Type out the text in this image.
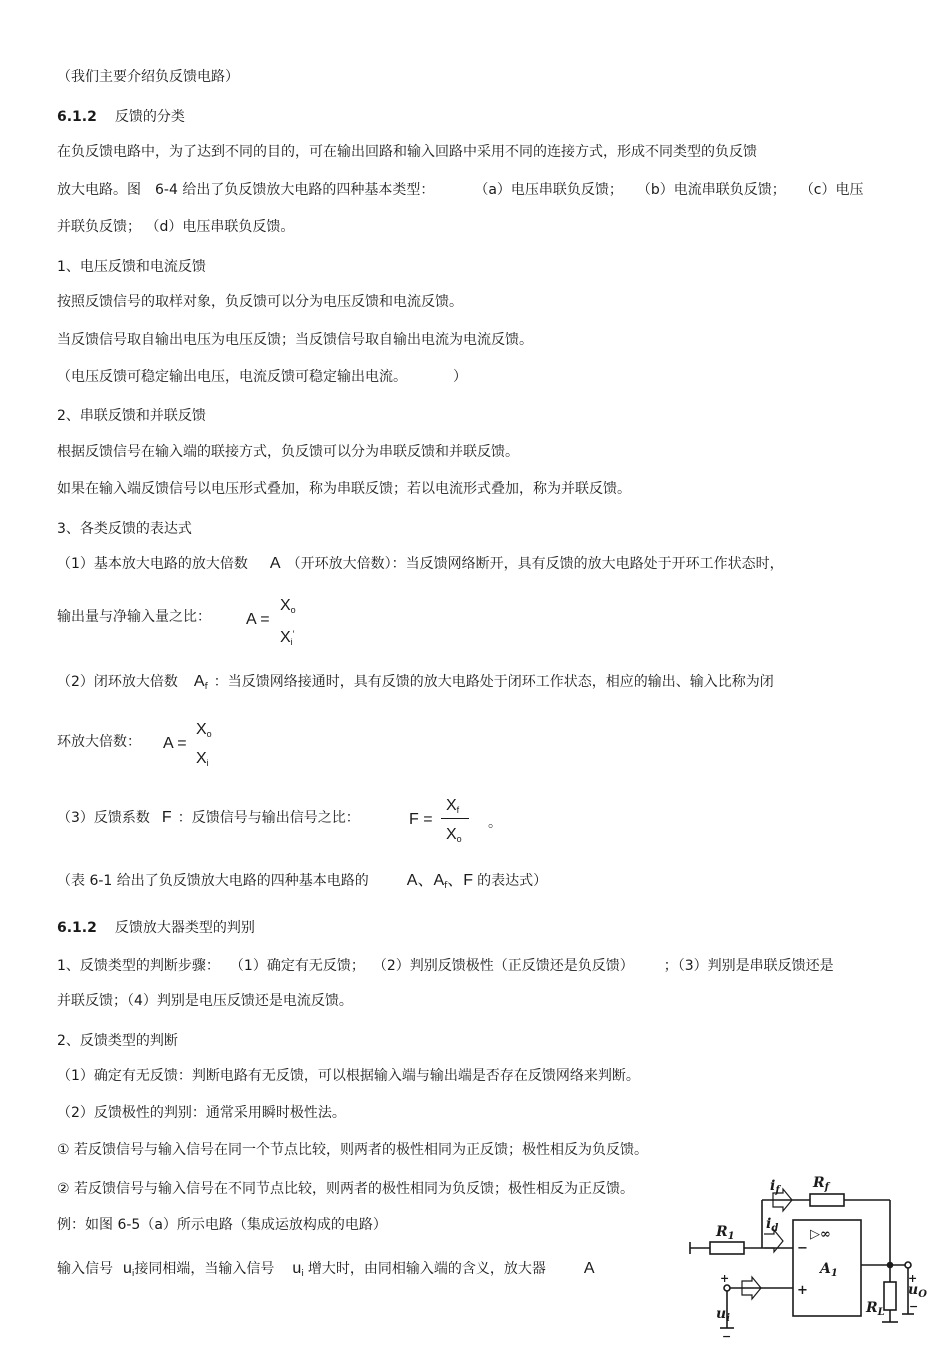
（我们主要介绍负反馈电路）
6.1.2 反馈的分类
在负反馈电路中，为了达到不同的目的，可在输出回路和输入回路中采用不同的连接方式，形成不同类型的负反馈
放大电路。图 6-4 给出了负反馈放大电路的四种基本类型：	（a）电压串联负反馈； （b）电流串联负反馈； （c）电压
并联负反馈； （d）电压串联负反馈。
1、电压反馈和电流反馈
按照反馈信号的取样对象，负反馈可以分为电压反馈和电流反馈。
当反馈信号取自输出电压为电压反馈；当反馈信号取自输出电流为电流反馈。
（电压反馈可稳定输出电压，电流反馈可稳定输出电流。	）
2、串联反馈和并联反馈
根据反馈信号在输入端的联接方式，负反馈可以分为串联反馈和并联反馈。
如果在输入端反馈信号以电压形式叠加，称为串联反馈；若以电流形式叠加，称为并联反馈。
3、各类反馈的表达式
（1）基本放大电路的放大倍数 A （开环放大倍数）：当反馈网络断开，具有反馈的放大电路处于开环工作状态时，
输出量与净输入量之比： A =
$X_o$
$X_i'$
（2）闭环放大倍数 $A_f$ ：当反馈网络接通时，具有反馈的放大电路处于闭环工作状态，相应的输出、输入比称为闭
环放大倍数： A =
$X_o$
$X_i$
（3）反馈系数 F ：反馈信号与输出信号之比：	F =
$X_f$
$X_o$
。
（表 6-1 给出了负反馈放大电路的四种基本电路的 A、$A_f$、F 的表达式）
6.1.2 反馈放大器类型的判别
1、反馈类型的判断步骤： （1）确定有无反馈； （2）判别反馈极性（正反馈还是负反馈） ；（3）判别是串联反馈还是
并联反馈；（4）判别是电压反馈还是电流反馈。
2、反馈类型的判断
（1）确定有无反馈：判断电路有无反馈，可以根据输入端与输出端是否存在反馈网络来判断。
（2）反馈极性的判别：通常采用瞬时极性法。
① 若反馈信号与输入信号在同一个节点比较，则两者的极性相同为正反馈；极性相反为负反馈。
② 若反馈信号与输入信号在不同节点比较，则两者的极性相同为负反馈；极性相反为正反馈。
例：如图 6-5（a）所示电路（集成运放构成的电路）
输入信号 $u_i$接同相端，当输入信号 $u_i$ 增大时，由同相输入端的含义，放大器 A
$i_f$ $R_f$
$R_1$
$i_d$ ▷∞
$A_1$
−
+
$R_L$
$u_O$
+
−
+
$u_i$
−
